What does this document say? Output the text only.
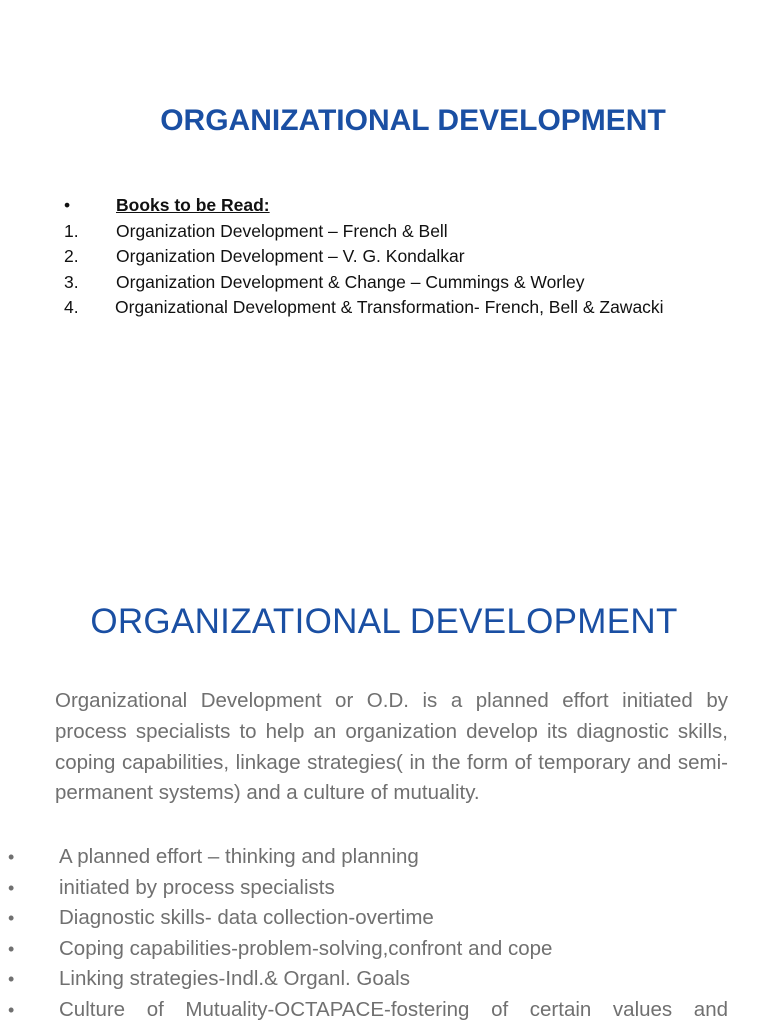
ORGANIZATIONAL DEVELOPMENT
•	Books to be Read:
1. Organization Development – French & Bell
2. Organization Development – V. G. Kondalkar
3. Organization Development & Change – Cummings & Worley
4. Organizational Development & Transformation- French, Bell & Zawacki
ORGANIZATIONAL DEVELOPMENT
Organizational Development or O.D. is a planned effort initiated by process specialists to help an organization develop its diagnostic skills, coping capabilities, linkage strategies( in the form of temporary and semi-permanent systems) and a culture of mutuality.
•	A planned effort – thinking and planning
•	initiated by process specialists
•	Diagnostic skills- data collection-overtime
•	Coping capabilities-problem-solving,confront and cope
•	Linking strategies-Indl.& Organl. Goals
•	Culture of Mutuality-OCTAPACE-fostering of certain values and
